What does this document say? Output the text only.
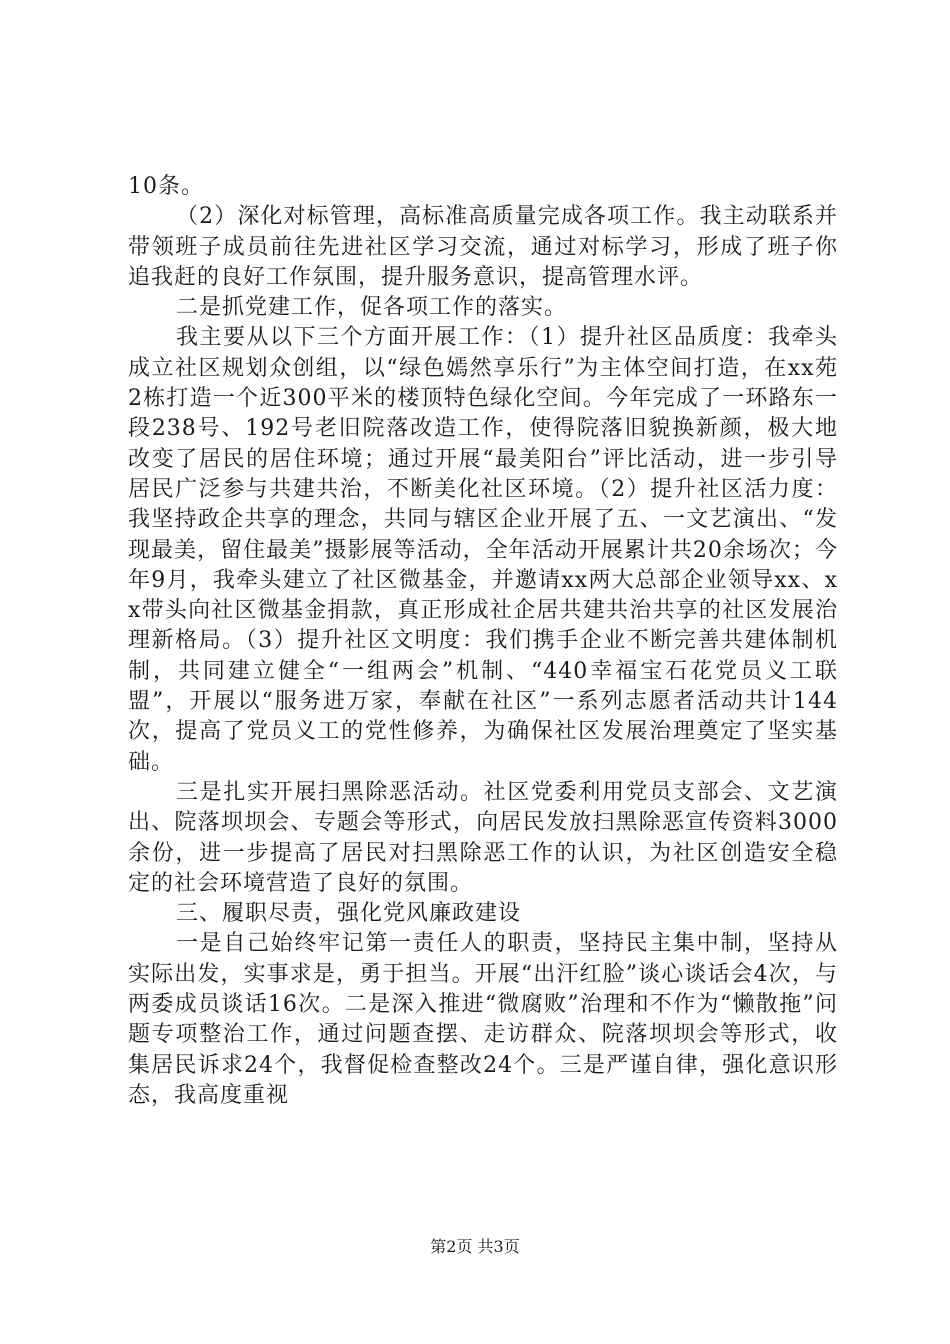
10条。

（2）深化对标管理，高标准高质量完成各项工作。我主动联系并带领班子成员前往先进社区学习交流，通过对标学习，形成了班子你追我赶的良好工作氛围，提升服务意识，提高管理水评。

二是抓党建工作，促各项工作的落实。

我主要从以下三个方面开展工作：（1）提升社区品质度：我牵头成立社区规划众创组，以“绿色嫣然享乐行”为主体空间打造，在xx苑2栋打造一个近300平米的楼顶特色绿化空间。今年完成了一环路东一段238号、192号老旧院落改造工作，使得院落旧貌换新颜，极大地改变了居民的居住环境；通过开展“最美阳台”评比活动，进一步引导居民广泛参与共建共治，不断美化社区环境。（2）提升社区活力度：我坚持政企共享的理念，共同与辖区企业开展了五、一文艺演出、“发现最美，留住最美”摄影展等活动，全年活动开展累计共20余场次；今年9月，我牵头建立了社区微基金，并邀请xx两大总部企业领导xx、xx带头向社区微基金捐款，真正形成社企居共建共治共享的社区发展治理新格局。（3）提升社区文明度：我们携手企业不断完善共建体制机制，共同建立健全“一组两会”机制、“440幸福宝石花党员义工联盟”，开展以“服务进万家，奉献在社区”一系列志愿者活动共计144次，提高了党员义工的党性修养，为确保社区发展治理奠定了坚实基础。

三是扎实开展扫黑除恶活动。社区党委利用党员支部会、文艺演出、院落坝坝会、专题会等形式，向居民发放扫黑除恶宣传资料3000余份，进一步提高了居民对扫黑除恶工作的认识，为社区创造安全稳定的社会环境营造了良好的氛围。

三、履职尽责，强化党风廉政建设

一是自己始终牢记第一责任人的职责，坚持民主集中制，坚持从实际出发，实事求是，勇于担当。开展“出汗红脸”谈心谈话会4次，与两委成员谈话16次。二是深入推进“微腐败”治理和不作为“懒散拖”问题专项整治工作，通过问题查摆、走访群众、院落坝坝会等形式，收集居民诉求24个，我督促检查整改24个。三是严谨自律，强化意识形态，我高度重视

第2页 共3页
